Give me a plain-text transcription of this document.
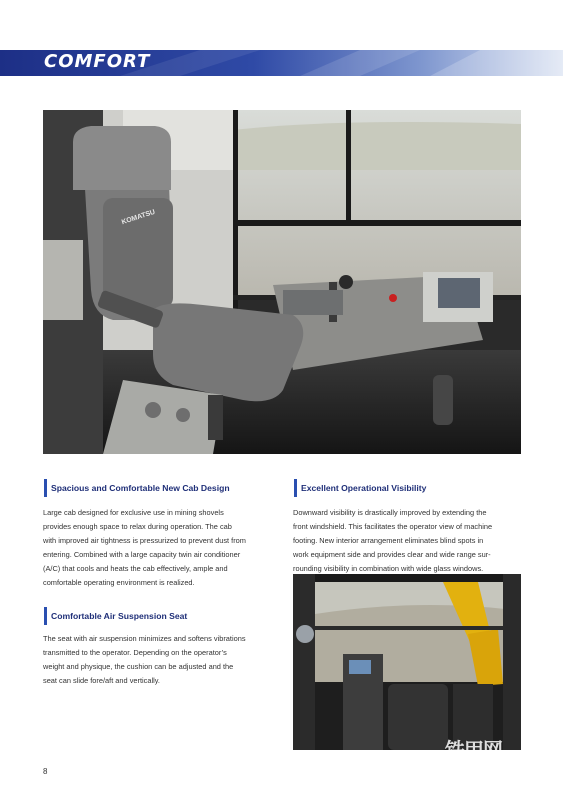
COMFORT
KOMATSU
Spacious and Comfortable New Cab Design
Large cab designed for exclusive use in mining shovels
provides enough space to relax during operation. The cab
with improved air tightness is pressurized to prevent dust from
entering. Combined with a large capacity twin air conditioner
(A/C) that cools and heats the cab effectively, ample and
comfortable operating environment is realized.
Comfortable Air Suspension Seat
The seat with air suspension minimizes and softens vibrations
transmitted to the operator. Depending on the operator’s
weight and physique, the cushion can be adjusted and the
seat can slide fore/aft and vertically.
Excellent Operational Visibility
Downward visibility is drastically improved by extending the
front windshield. This facilitates the operator view of machine
footing. New interior arrangement eliminates blind spots in
work equipment side and provides clear and wide range sur-
rounding visibility in combination with wide glass windows.
铁甲网
8
